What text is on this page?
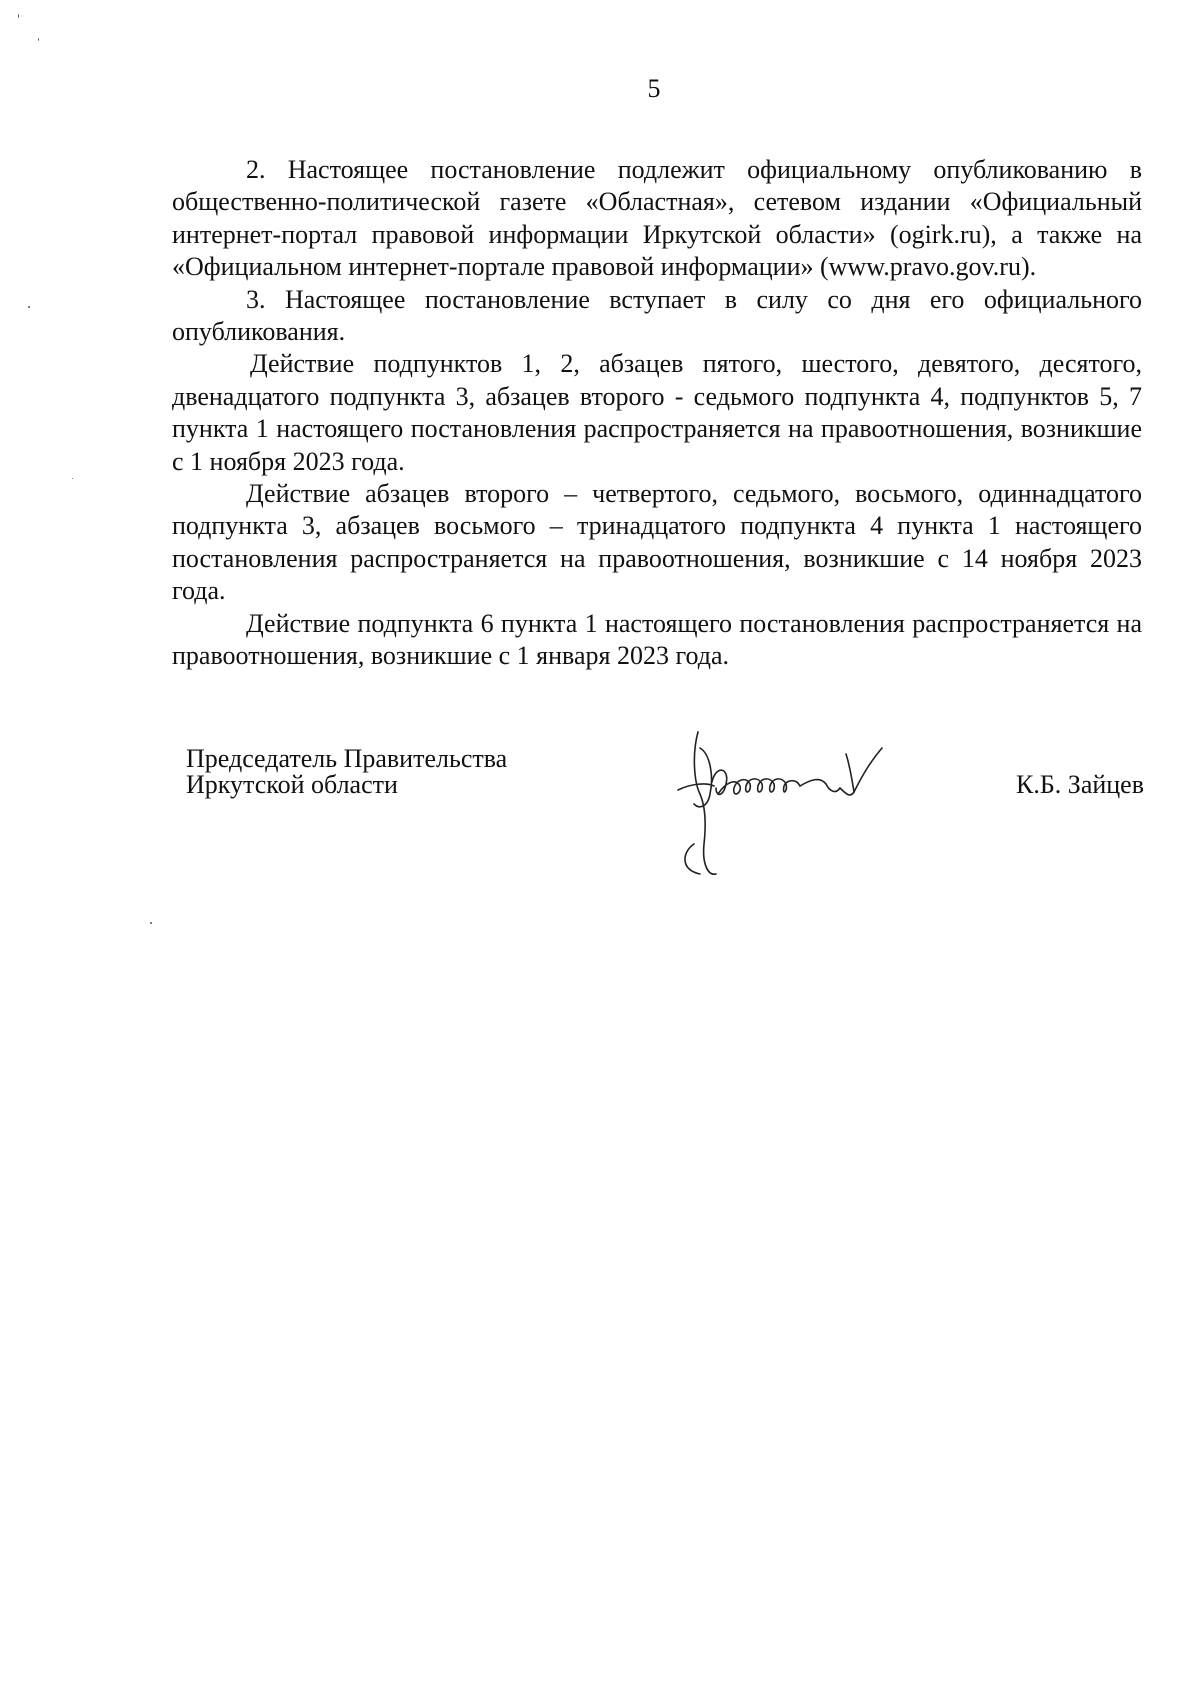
5

2. Настоящее постановление подлежит официальному опубликованию в общественно-политической газете «Областная», сетевом издании «Официальный интернет-портал правовой информации Иркутской области» (ogirk.ru), а также на «Официальном интернет-портале правовой информации» (www.pravo.gov.ru).

3. Настоящее постановление вступает в силу со дня его официального опубликования.

Действие подпунктов 1, 2, абзацев пятого, шестого, девятого, десятого, двенадцатого подпункта 3, абзацев второго - седьмого подпункта 4, подпунктов 5, 7 пункта 1 настоящего постановления распространяется на правоотношения, возникшие с 1 ноября 2023 года.

Действие абзацев второго – четвертого, седьмого, восьмого, одиннадцатого подпункта 3, абзацев восьмого – тринадцатого подпункта 4 пункта 1 настоящего постановления распространяется на правоотношения, возникшие с 14 ноября 2023 года.

Действие подпункта 6 пункта 1 настоящего постановления распространяется на правоотношения, возникшие с 1 января 2023 года.

Председатель Правительства
Иркутской области	К.Б. Зайцев
